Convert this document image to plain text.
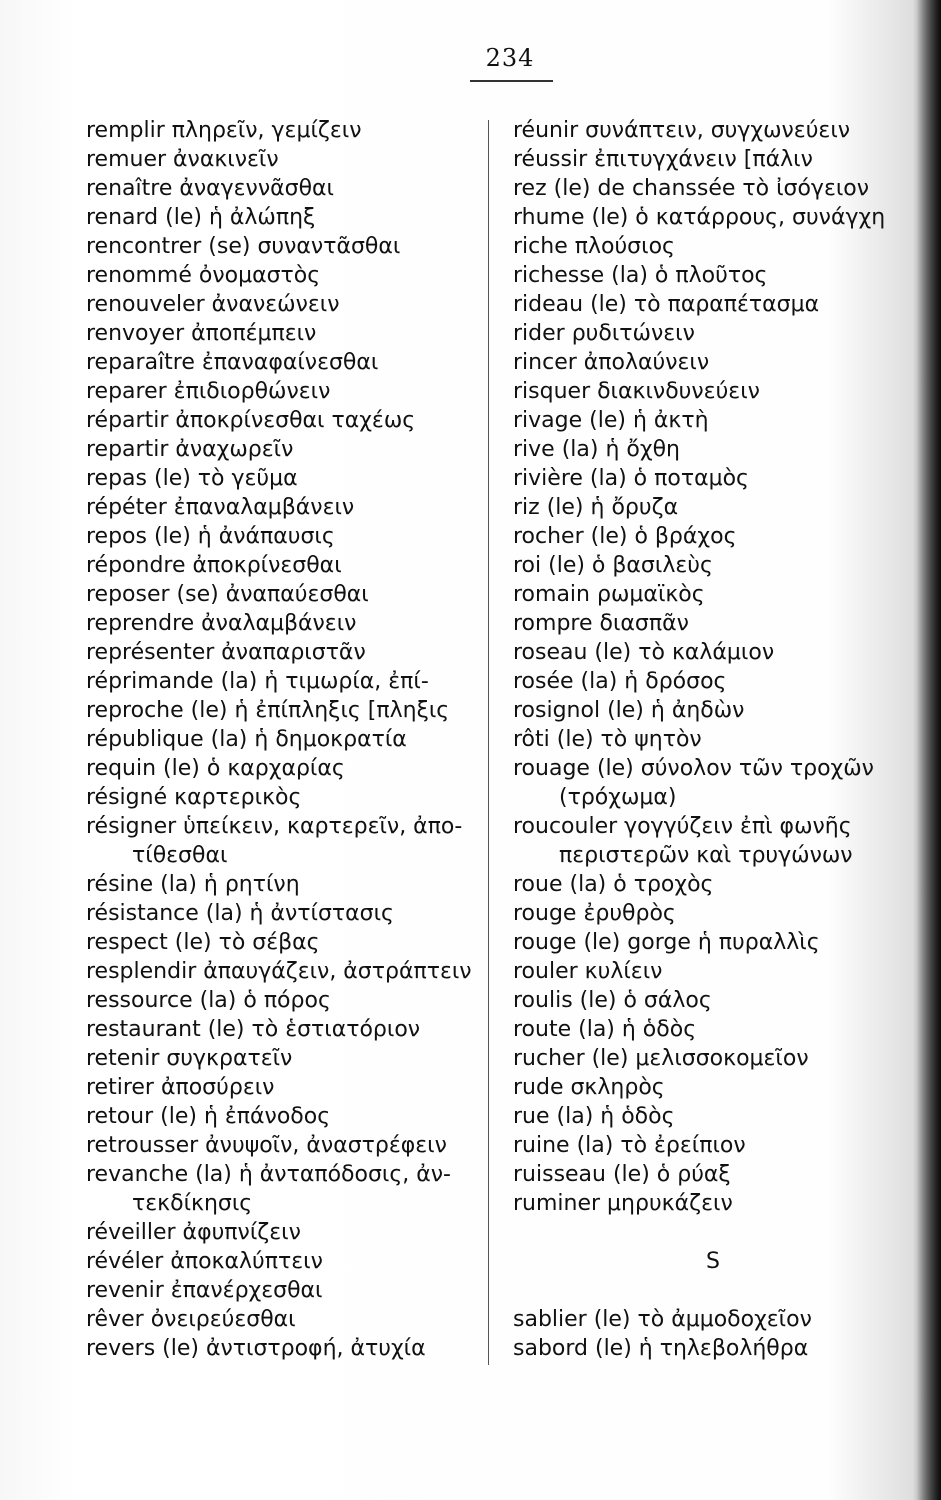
234
remplir πληρεῖν, γεμίζειν
remuer ἀνακινεῖν
renaître ἀναγεννᾶσθαι
renard (le) ἡ ἀλώπηξ
rencontrer (se) συναντᾶσθαι
renommé ὀνομαστὸς
renouveler ἀνανεώνειν
renvoyer ἀποπέμπειν
reparaître ἐπαναφαίνεσθαι
reparer ἐπιδιορθώνειν
répartir ἀποκρίνεσθαι ταχέως
repartir ἀναχωρεῖν
repas (le) τὸ γεῦμα
répéter ἐπαναλαμβάνειν
repos (le) ἡ ἀνάπαυσις
répondre ἀποκρίνεσθαι
reposer (se) ἀναπαύεσθαι
reprendre ἀναλαμβάνειν
représenter ἀναπαριστᾶν
réprimande (la) ἡ τιμωρία, ἐπί-
reproche (le) ἡ ἐπίπληξις [πληξις
république (la) ἡ δημοκρατία
requin (le) ὁ καρχαρίας
résigné καρτερικὸς
résigner ὑπείκειν, καρτερεῖν, ἀπο-
τίθεσθαι
résine (la) ἡ ρητίνη
résistance (la) ἡ ἀντίστασις
respect (le) τὸ σέβας
resplendir ἀπαυγάζειν, ἀστράπτειν
ressource (la) ὁ πόρος
restaurant (le) τὸ ἑστιατόριον
retenir συγκρατεῖν
retirer ἀποσύρειν
retour (le) ἡ ἐπάνοδος
retrousser ἀνυψοῖν, ἀναστρέφειν
revanche (la) ἡ ἀνταπόδοσις, ἀν-
τεκδίκησις
réveiller ἀφυπνίζειν
révéler ἀποκαλύπτειν
revenir ἐπανέρχεσθαι
rêver ὀνειρεύεσθαι
revers (le) ἀντιστροφή, ἀτυχία
réunir συνάπτειν, συγχωνεύειν
réussir ἐπιτυγχάνειν [πάλιν
rez (le) de chanssée τὸ ἰσόγειον
rhume (le) ὁ κατάρρους, συνάγχη
riche πλούσιος
richesse (la) ὁ πλοῦτος
rideau (le) τὸ παραπέτασμα
rider ρυδιτώνειν
rincer ἀπολαύνειν
risquer διακινδυνεύειν
rivage (le) ἡ ἀκτὴ
rive (la) ἡ ὄχθη
rivière (la) ὁ ποταμὸς
riz (le) ἡ ὄρυζα
rocher (le) ὁ βράχος
roi (le) ὁ βασιλεὺς
romain ρωμαϊκὸς
rompre διασπᾶν
roseau (le) τὸ καλάμιον
rosée (la) ἡ δρόσος
rosignol (le) ἡ ἀηδὼν
rôti (le) τὸ ψητὸν
rouage (le) σύνολον τῶν τροχῶν
(τρόχωμα)
roucouler γογγύζειν ἐπὶ φωνῆς
περιστερῶν καὶ τρυγώνων
roue (la) ὁ τροχὸς
rouge ἐρυθρὸς
rouge (le) gorge ἡ πυραλλὶς
rouler κυλίειν
roulis (le) ὁ σάλος
route (la) ἡ ὁδὸς
rucher (le) μελισσοκομεῖον
rude σκληρὸς
rue (la) ἡ ὁδὸς
ruine (la) τὸ ἐρείπιον
ruisseau (le) ὁ ρύαξ
ruminer μηρυκάζειν
S
sablier (le) τὸ ἀμμοδοχεῖον
sabord (le) ἡ τηλεβολήθρα
